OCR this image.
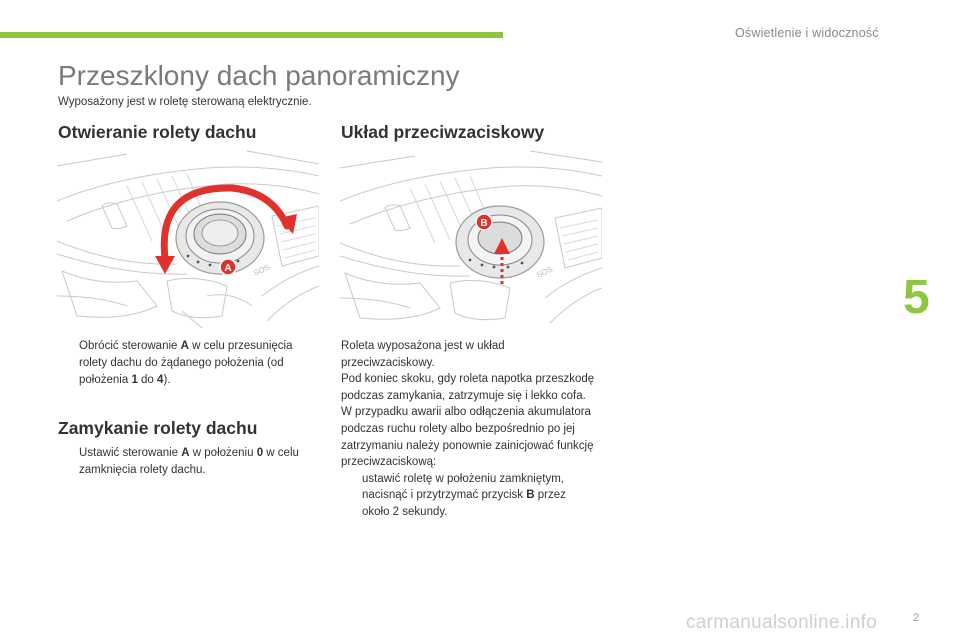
Oświetlenie i widoczność
Przeszklony dach panoramiczny
Wyposażony jest w roletę sterowaną elektrycznie.
Otwieranie rolety dachu	Układ przeciwzaciskowy
SOS
A	SOS
B
Obrócić sterowanie A w celu przesunięcia rolety dachu do żądanego położenia (od położenia 1 do 4).
Zamykanie rolety dachu
Ustawić sterowanie A w położeniu 0 w celu zamknięcia rolety dachu.

Roleta wyposażona jest w układ przeciwzaciskowy.

Pod koniec skoku, gdy roleta napotka przeszkodę podczas zamykania, zatrzymuje się i lekko cofa. W przypadku awarii albo odłączenia akumulatora podczas ruchu rolety albo bezpośrednio po jej zatrzymaniu należy ponownie zainicjować funkcję przeciwzaciskową:

ustawić roletę w położeniu zamkniętym,
nacisnąć i przytrzymać przycisk B przez około 2 sekundy.
5
carmanualsonline.info	2
